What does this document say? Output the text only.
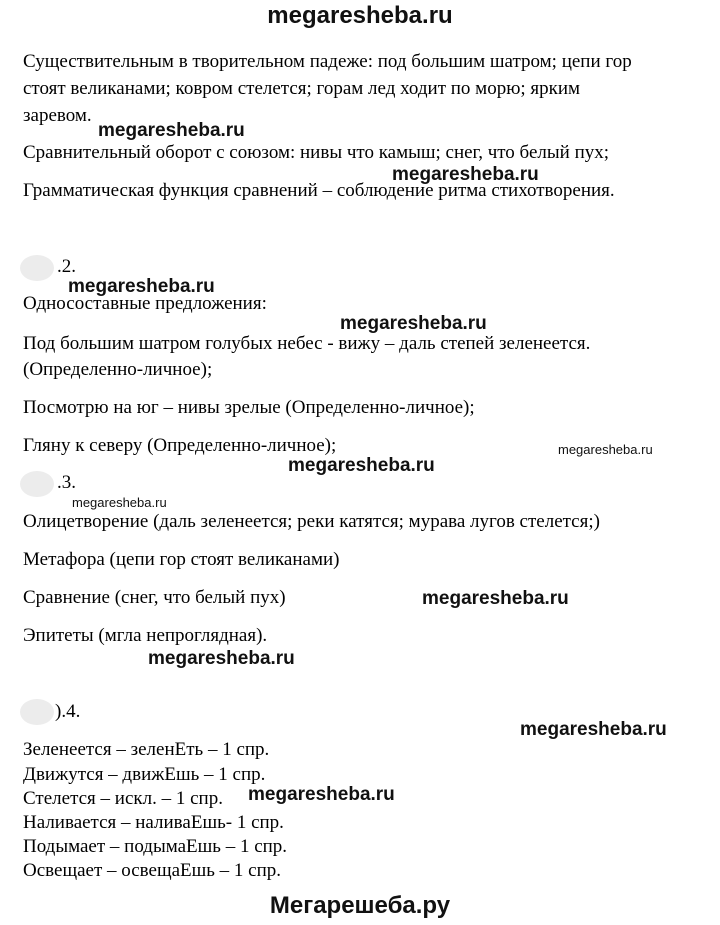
megaresheba.ru
Существительным в творительном падеже: под большим шатром; цепи гор
стоят великанами; ковром стелется; горам лед ходит по морю; ярким
заревом.
megaresheba.ru
Сравнительный оборот с союзом: нивы что камыш; снег, что белый пух;
megaresheba.ru
Грамматическая функция сравнений – соблюдение ритма стихотворения.
.2.
megaresheba.ru
Односоставные предложения:
megaresheba.ru
Под большим шатром голубых небес - вижу – даль степей зеленеется.
(Определенно-личное);
Посмотрю на юг – нивы зрелые (Определенно-личное);
Гляну к северу (Определенно-личное);	megaresheba.ru
megaresheba.ru
.3.
megaresheba.ru
Олицетворение (даль зеленеется; реки катятся; мурава лугов стелется;)
Метафора (цепи гор стоят великанами)
Сравнение (снег, что белый пух)	megaresheba.ru
Эпитеты (мгла непроглядная).
megaresheba.ru
).4.
megaresheba.ru
Зеленеется – зеленЕть – 1 спр.
Движутся – движЕшь – 1 спр.
Стелется – искл. – 1 спр. megaresheba.ru
Наливается – наливаЕшь- 1 спр.
Подымает – подымаЕшь – 1 спр.
Освещает – освещаЕшь – 1 спр.
Мегарешеба.ру
